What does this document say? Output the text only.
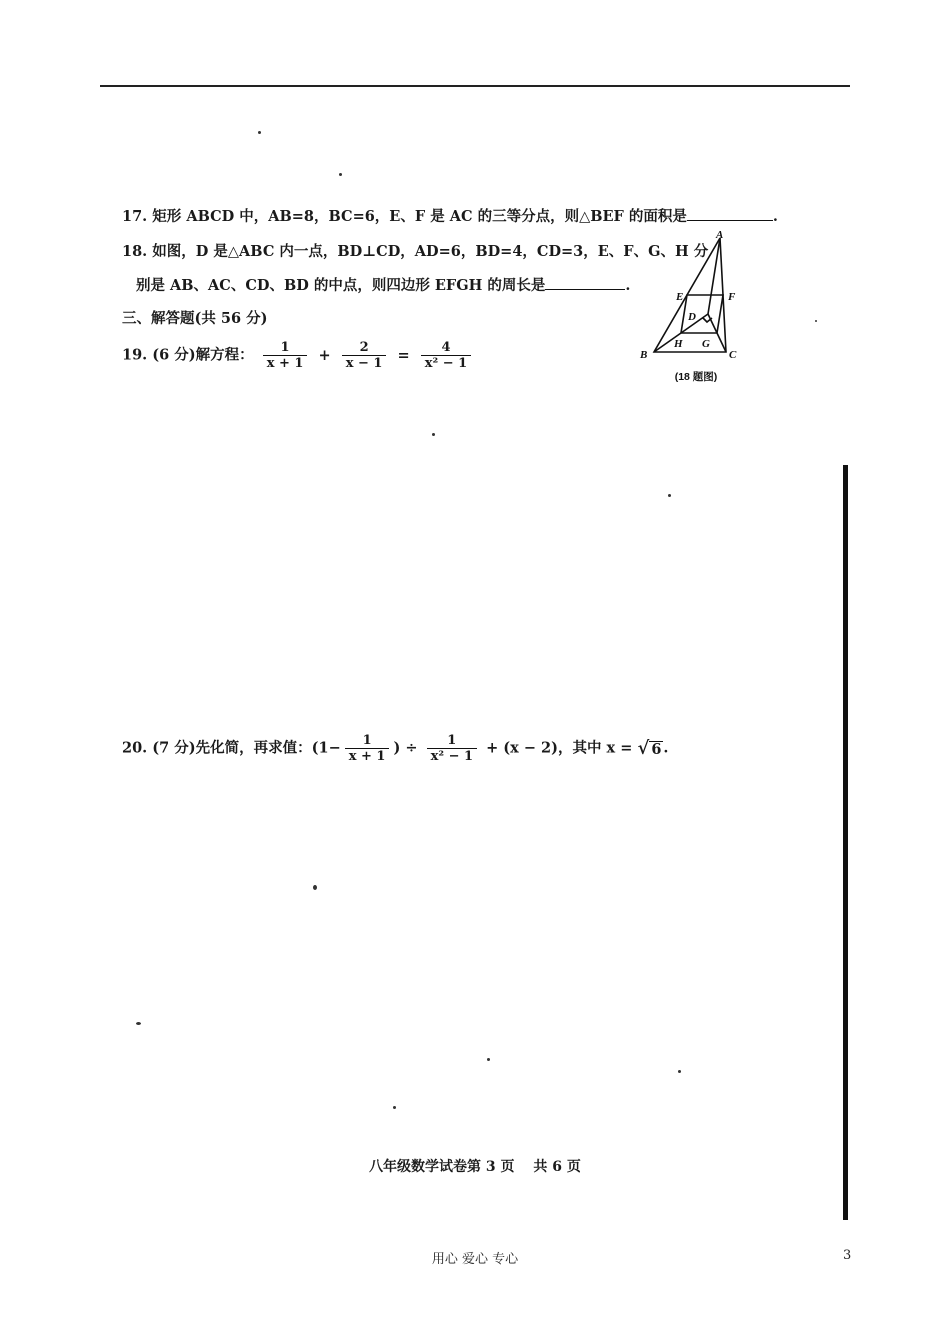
17. 矩形 ABCD 中，AB=8，BC=6，E、F 是 AC 的三等分点，则△BEF 的面积是	.
18. 如图，D 是△ABC 内一点，BD⊥CD，AD=6，BD=4，CD=3，E、F、G、H 分
别是 AB、AC、CD、BD 的中点，则四边形 EFGH 的周长是	.
三、解答题(共 56 分)
19. (6 分)解方程： $\frac{1}{x + 1} + \frac{2}{x - 1} = \frac{4}{\text{x² − 1}}$
20. (7 分)先化简，再求值：($1- \frac{1}{x + 1}$ ) ÷ $\frac{1}{\text{x² − 1}} + (x - 2)$，其中 x = √ 6 .
A
B	C
D
E	F
G
H
(18 题图)
八年级数学试卷第 3 页　 共 6 页
用心 爱心 专心	3
